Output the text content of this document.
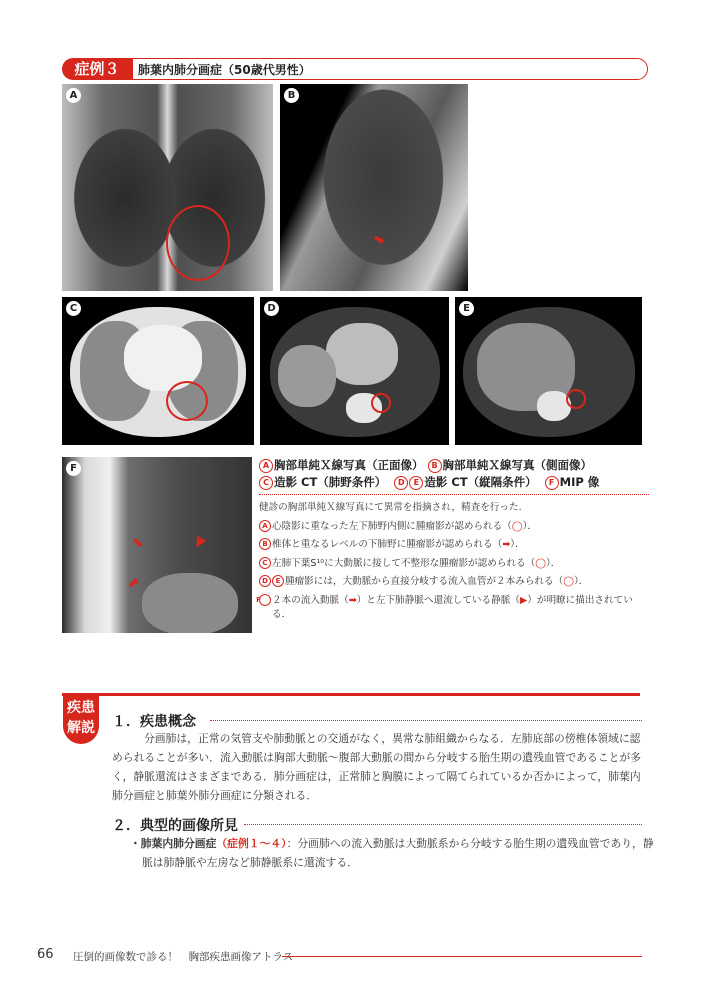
症例３	肺葉内肺分画症（50歳代男性）
A	B
➡
C	D	E
F
➡
➡
▶
A 胸部単純Ｘ線写真（正面像） B 胸部単純Ｘ線写真（側面像）
C 造影 CT（肺野条件） D E 造影 CT（縦隔条件） F MIP 像

健診の胸部単純Ｘ線写真にて異常を指摘され，精査を行った．

A 心陰影に重なった左下肺野内側に腫瘤影が認められる（◯）．

B 椎体と重なるレベルの下肺野に腫瘤影が認められる（➡）．

C 左肺下葉S¹⁰に大動脈に接して不整形な腫瘤影が認められる（◯）．

D E 腫瘤影には，大動脈から直接分岐する流入血管が２本みられる（◯）．

F ２本の流入動脈（➡）と左下肺静脈へ還流している静脈（▶）が明瞭に描出されている．

疾患
解説 １．疾患概念
分画肺は，正常の気管支や肺動脈との交通がなく，異常な肺組織からなる．左肺底部の傍椎体領域に認められることが多い．流入動脈は胸部大動脈〜腹部大動脈の間から分岐する胎生期の遺残血管であることが多く，静脈還流はさまざまである．肺分画症は，正常肺と胸膜によって隔てられているか否かによって，肺葉内肺分画症と肺葉外肺分画症に分類される．
２．典型的画像所見
・肺葉内肺分画症（症例１〜４）：分画肺への流入動脈は大動脈系から分岐する胎生期の遺残血管であり，静脈は肺静脈や左房など肺静脈系に還流する．
66 圧倒的画像数で診る！　胸部疾患画像アトラス
